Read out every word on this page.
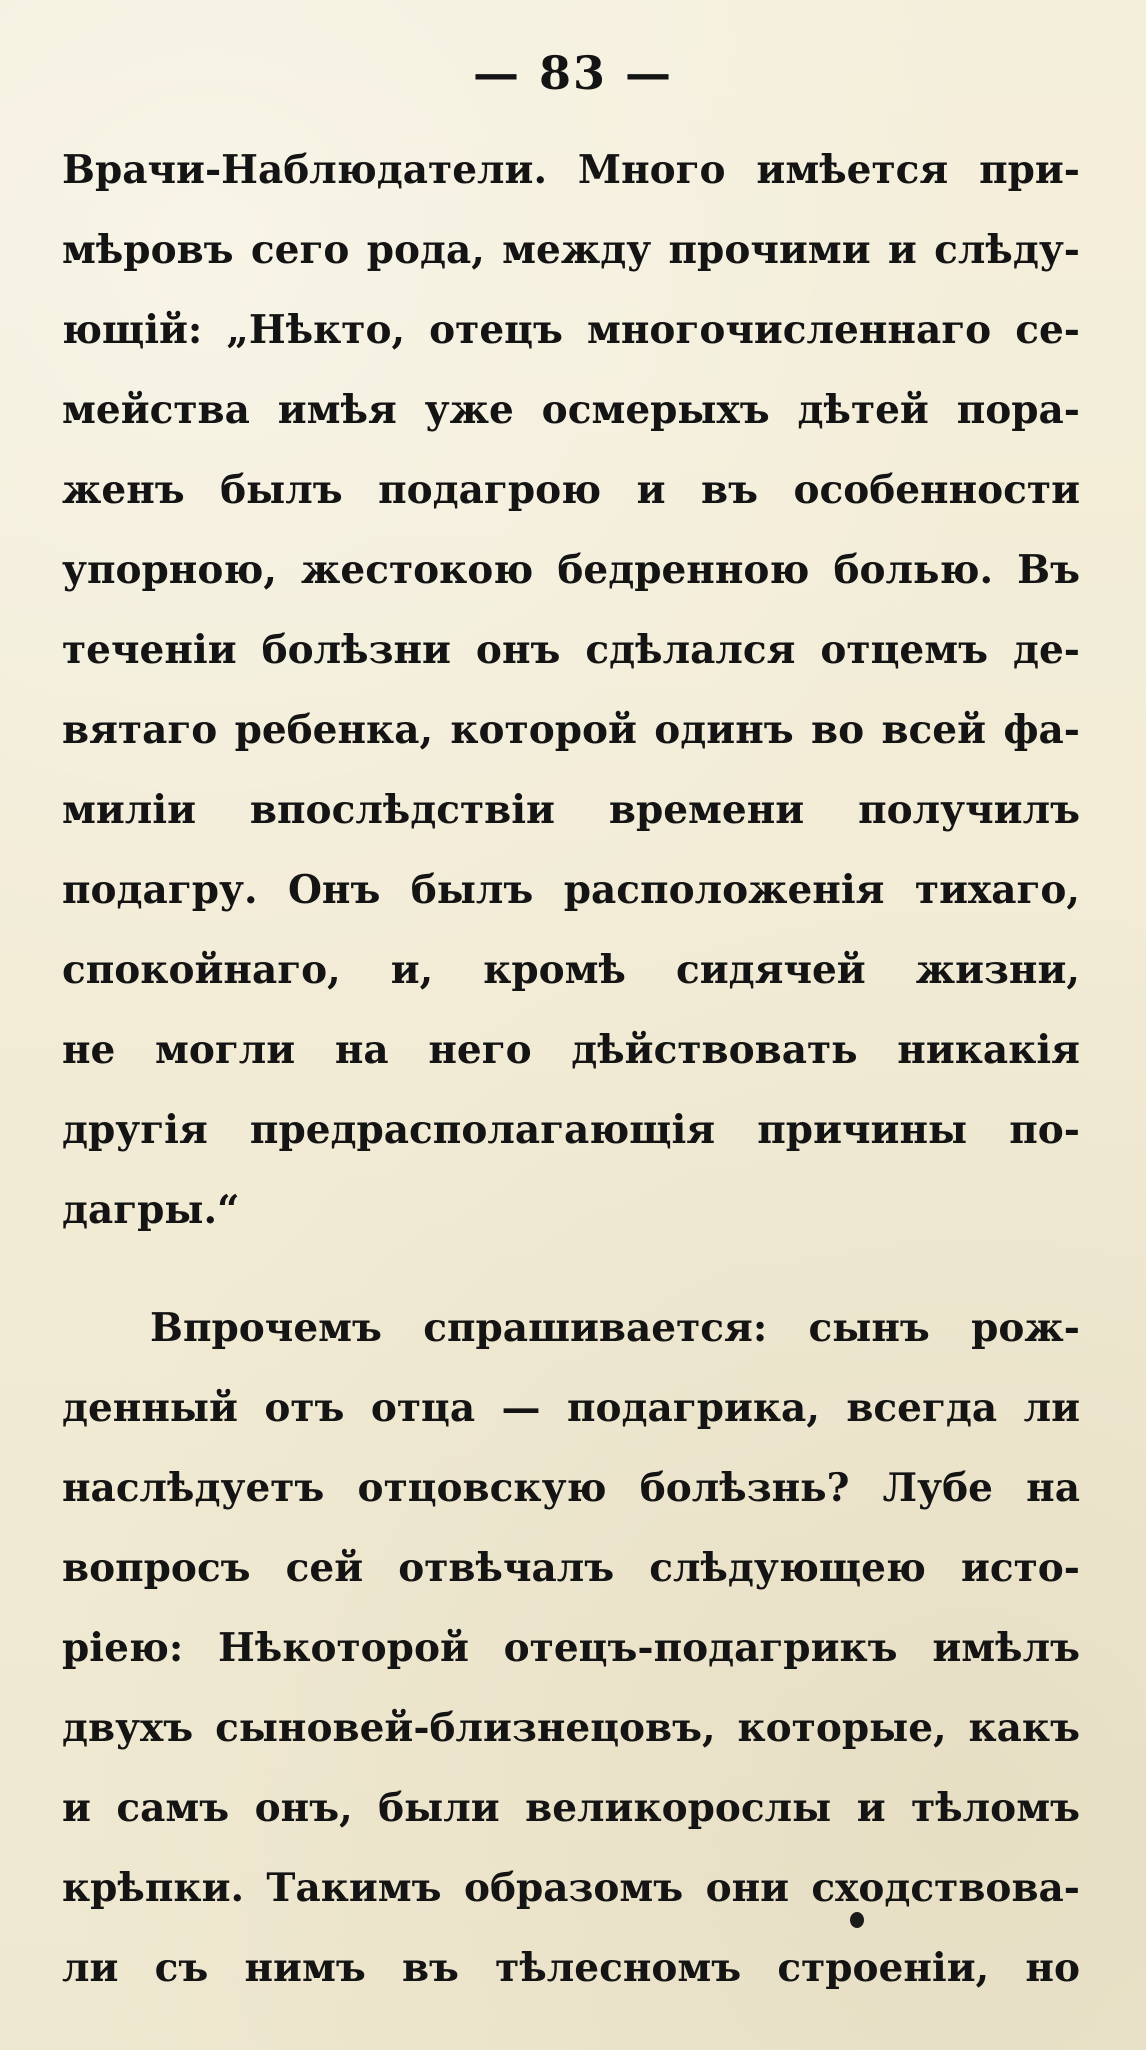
— 83 —
Врачи-Наблюдатели. Много имѣется при-
мѣровъ сего рода, между прочими и слѣду-
ющій: „Нѣкто, отецъ многочисленнаго се-
мейства имѣя уже осмерыхъ дѣтей пора-
женъ былъ подагрою и въ особенности
упорною, жестокою бедренною болью. Въ
теченіи болѣзни онъ сдѣлался отцемъ де-
вятаго ребенка, которой одинъ во всей фа-
миліи впослѣдствіи времени получилъ
подагру. Онъ былъ расположенія тихаго,
спокойнаго, и, кромѣ сидячей жизни,
не могли на него дѣйствовать никакія
другія предрасполагающія причины по-
дагры.“
Впрочемъ спрашивается: сынъ рож-
денный отъ отца — подагрика, всегда ли
наслѣдуетъ отцовскую болѣзнь? Лубе на
вопросъ сей отвѣчалъ слѣдующею исто-
ріею: Нѣкоторой отецъ-подагрикъ имѣлъ
двухъ сыновей-близнецовъ, которые, какъ
и самъ онъ, были великорослы и тѣломъ
крѣпки. Такимъ образомъ они сходствова-
ли съ нимъ въ тѣлесномъ строеніи, но
